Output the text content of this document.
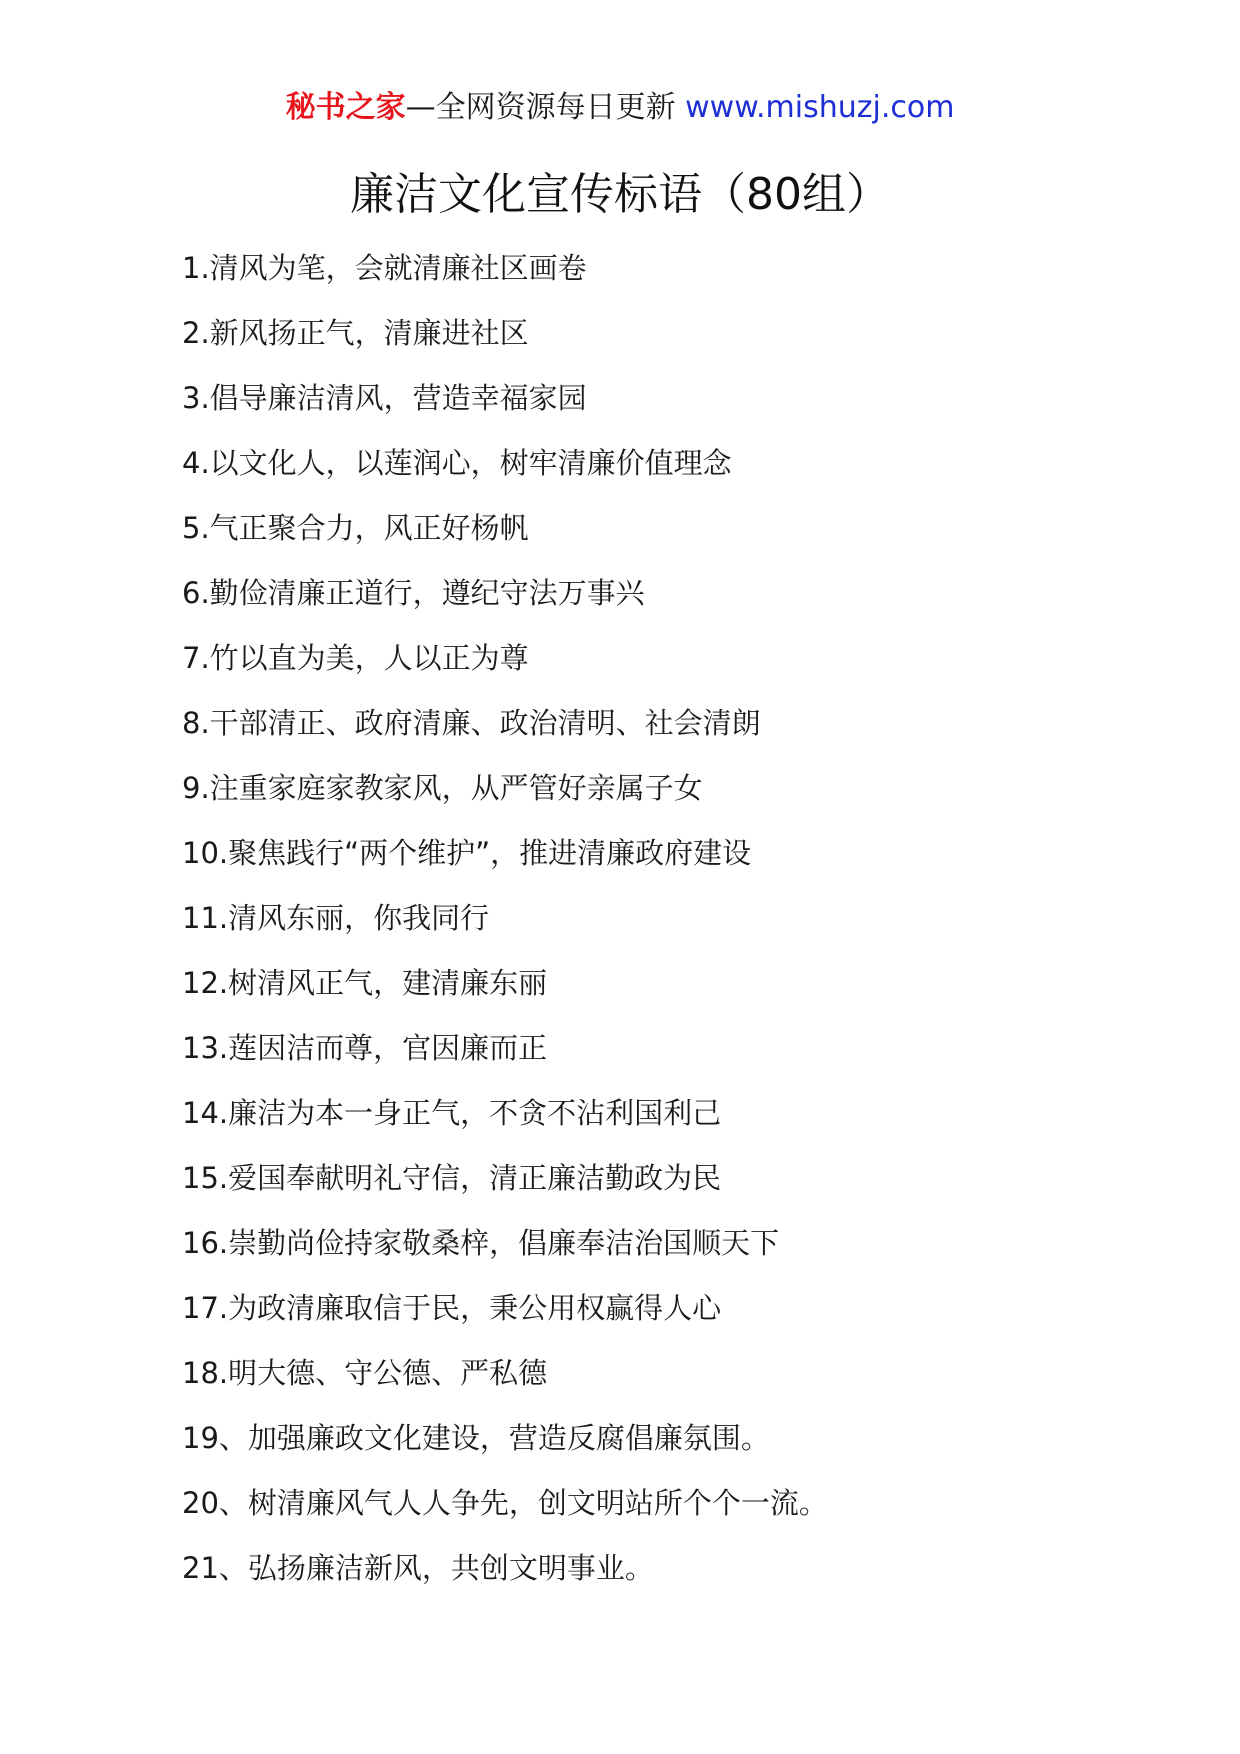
秘书之家—全网资源每日更新 www.mishuzj.com
廉洁文化宣传标语（80组）
1.清风为笔，会就清廉社区画卷
2.新风扬正气，清廉进社区
3.倡导廉洁清风，营造幸福家园
4.以文化人，以莲润心，树牢清廉价值理念
5.气正聚合力，风正好杨帆
6.勤俭清廉正道行，遵纪守法万事兴
7.竹以直为美，人以正为尊
8.干部清正、政府清廉、政治清明、社会清朗
9.注重家庭家教家风，从严管好亲属子女
10.聚焦践行“两个维护”，推进清廉政府建设
11.清风东丽，你我同行
12.树清风正气，建清廉东丽
13.莲因洁而尊，官因廉而正
14.廉洁为本一身正气，不贪不沾利国利己
15.爱国奉献明礼守信，清正廉洁勤政为民
16.崇勤尚俭持家敬桑梓，倡廉奉洁治国顺天下
17.为政清廉取信于民，秉公用权赢得人心
18.明大德、守公德、严私德
19、加强廉政文化建设，营造反腐倡廉氛围。
20、树清廉风气人人争先，创文明站所个个一流。
21、弘扬廉洁新风，共创文明事业。
